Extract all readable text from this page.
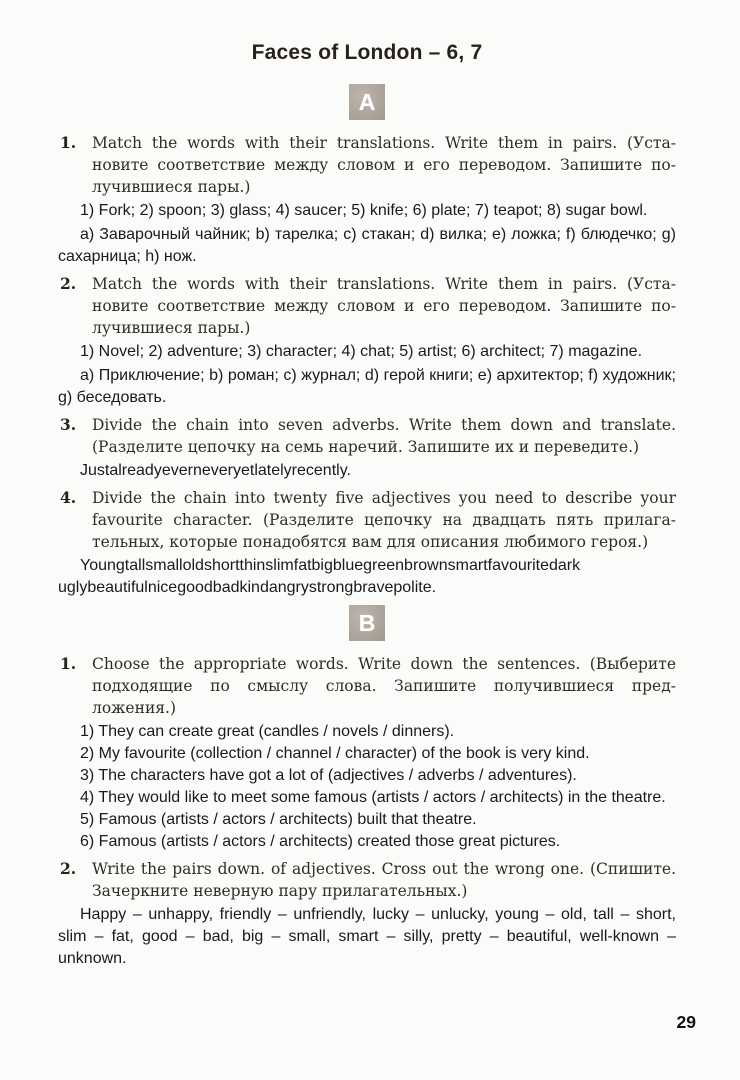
Faces of London – 6, 7
A
1. Match the words with their translations. Write them in pairs. (Установите соответствие между словом и его переводом. Запишите получившиеся пары.)

1) Fork; 2) spoon; 3) glass; 4) saucer; 5) knife; 6) plate; 7) teapot; 8) sugar bowl.

а) Заварочный чайник; b) тарелка; c) стакан; d) вилка; e) ложка; f) блюдечко; g) сахарница; h) нож.

2. Match the words with their translations. Write them in pairs. (Установите соответствие между словом и его переводом. Запишите получившиеся пары.)

1) Novel; 2) adventure; 3) character; 4) chat; 5) artist; 6) architect; 7) magazine.

а) Приключение; b) роман; c) журнал; d) герой книги; e) архитектор; f) художник; g) беседовать.

3. Divide the chain into seven adverbs. Write them down and translate. (Разделите цепочку на семь наречий. Запишите их и переведите.)

Justalreadyeverneveryetlatelyrecently.

4. Divide the chain into twenty five adjectives you need to describe your favourite character. (Разделите цепочку на двадцать пять прилагательных, которые понадобятся вам для описания любимого героя.)

Youngtallsmalloldshortthinslimfatbigbluegreenbrownsmartfavouritedark​uglybeautifulnicegoodbadkindangrystrongbravepolite.

B
1. Choose the appropriate words. Write down the sentences. (Выберите подходящие по смыслу слова. Запишите получившиеся предложения.)

1) They can create great (candles / novels / dinners).
2) My favourite (collection / channel / character) of the book is very kind.
3) The characters have got a lot of (adjectives / adverbs / adventures).
4) They would like to meet some famous (artists / actors / architects) in the theatre.
5) Famous (artists / actors / architects) built that theatre.
6) Famous (artists / actors / architects) created those great pictures.
2. Write the pairs down. of adjectives. Cross out the wrong one. (Спишите. Зачеркните неверную пару прилагательных.)

Happy – unhappy, friendly – unfriendly, lucky – unlucky, young – old, tall – short, slim – fat, good – bad, big – small, smart – silly, pretty – beautiful, well-known – unknown.

29
